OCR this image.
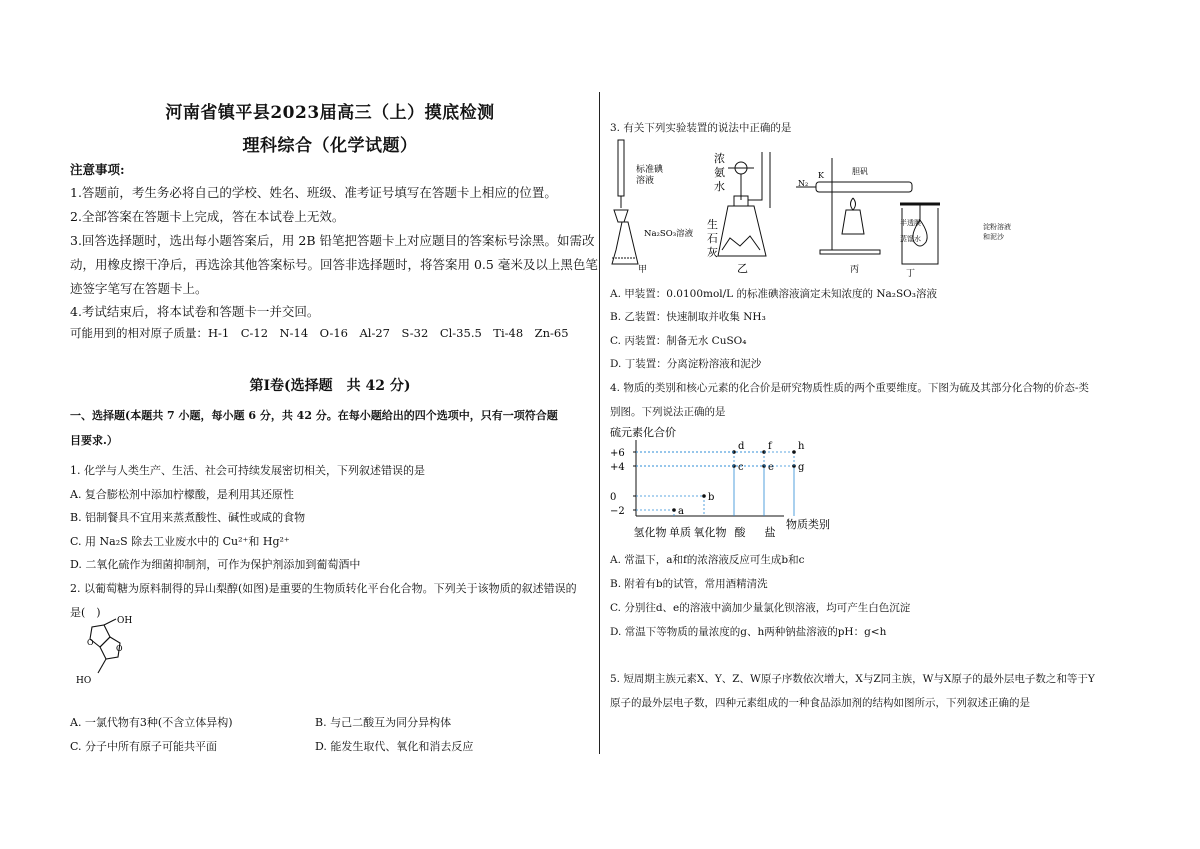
河南省镇平县2023届高三（上）摸底检测
理科综合（化学试题）
注意事项:
1.答题前，考生务必将自己的学校、姓名、班级、准考证号填写在答题卡上相应的位置。
2.全部答案在答题卡上完成，答在本试卷上无效。
3.回答选择题时，选出每小题答案后，用 2B 铅笔把答题卡上对应题目的答案标号涂黑。如需改
动，用橡皮擦干净后，再选涂其他答案标号。回答非选择题时，将答案用 0.5 毫米及以上黑色笔
迹签字笔写在答题卡上。
4.考试结束后，将本试卷和答题卡一并交回。
可能用到的相对原子质量：H-1　C-12　N-14　O-16　Al-27　S-32　Cl-35.5　Ti-48　Zn-65
第Ⅰ卷(选择题　共 42 分)
一、选择题(本题共 7 小题，每小题 6 分，共 42 分。在每小题给出的四个选项中，只有一项符合题
目要求.）
1. 化学与人类生产、生活、社会可持续发展密切相关，下列叙述错误的是
A. 复合膨松剂中添加柠檬酸，是利用其还原性
B. 铝制餐具不宜用来蒸煮酸性、碱性或咸的食物
C. 用 Na₂S 除去工业废水中的 Cu²⁺和 Hg²⁺
D. 二氧化硫作为细菌抑制剂，可作为保护剂添加到葡萄酒中
2. 以葡萄糖为原料制得的异山梨醇(如图)是重要的生物质转化平台化合物。下列关于该物质的叙述错误的
是(　)
O
O
OH
HO
A. 一氯代物有3种(不含立体异构)	B. 与己二酸互为同分异构体
C. 分子中所有原子可能共平面	D. 能发生取代、氧化和消去反应
3. 有关下列实验装置的说法中正确的是
标准碘
溶液
Na₂SO₃溶液
甲
浓
氨
水
生
石
灰
乙
N₂
K	胆矾
丙	丁
半透膜
蒸馏水
淀粉溶液
和泥沙
A. 甲装置：0.0100mol/L 的标准碘溶液滴定未知浓度的 Na₂SO₃溶液
B. 乙装置：快速制取并收集 NH₃
C. 丙装置：制备无水 CuSO₄
D. 丁装置：分离淀粉溶液和泥沙
4. 物质的类别和核心元素的化合价是研究物质性质的两个重要维度。下图为硫及其部分化合物的价态-类
别图。下列说法正确的是
硫元素化合价
物质类别
+6
+4
0
−2
氢化物 单质 氧化物 酸 盐
a
b
c
d
e
f
g
h
A. 常温下，a和f的浓溶液反应可生成b和c
B. 附着有b的试管，常用酒精清洗
C. 分别往d、e的溶液中滴加少量氯化钡溶液，均可产生白色沉淀
D. 常温下等物质的量浓度的g、h两种钠盐溶液的pH：g<h
5. 短周期主族元素X、Y、Z、W原子序数依次增大，X与Z同主族，W与X原子的最外层电子数之和等于Y
原子的最外层电子数，四种元素组成的一种食品添加剂的结构如图所示，下列叙述正确的是
